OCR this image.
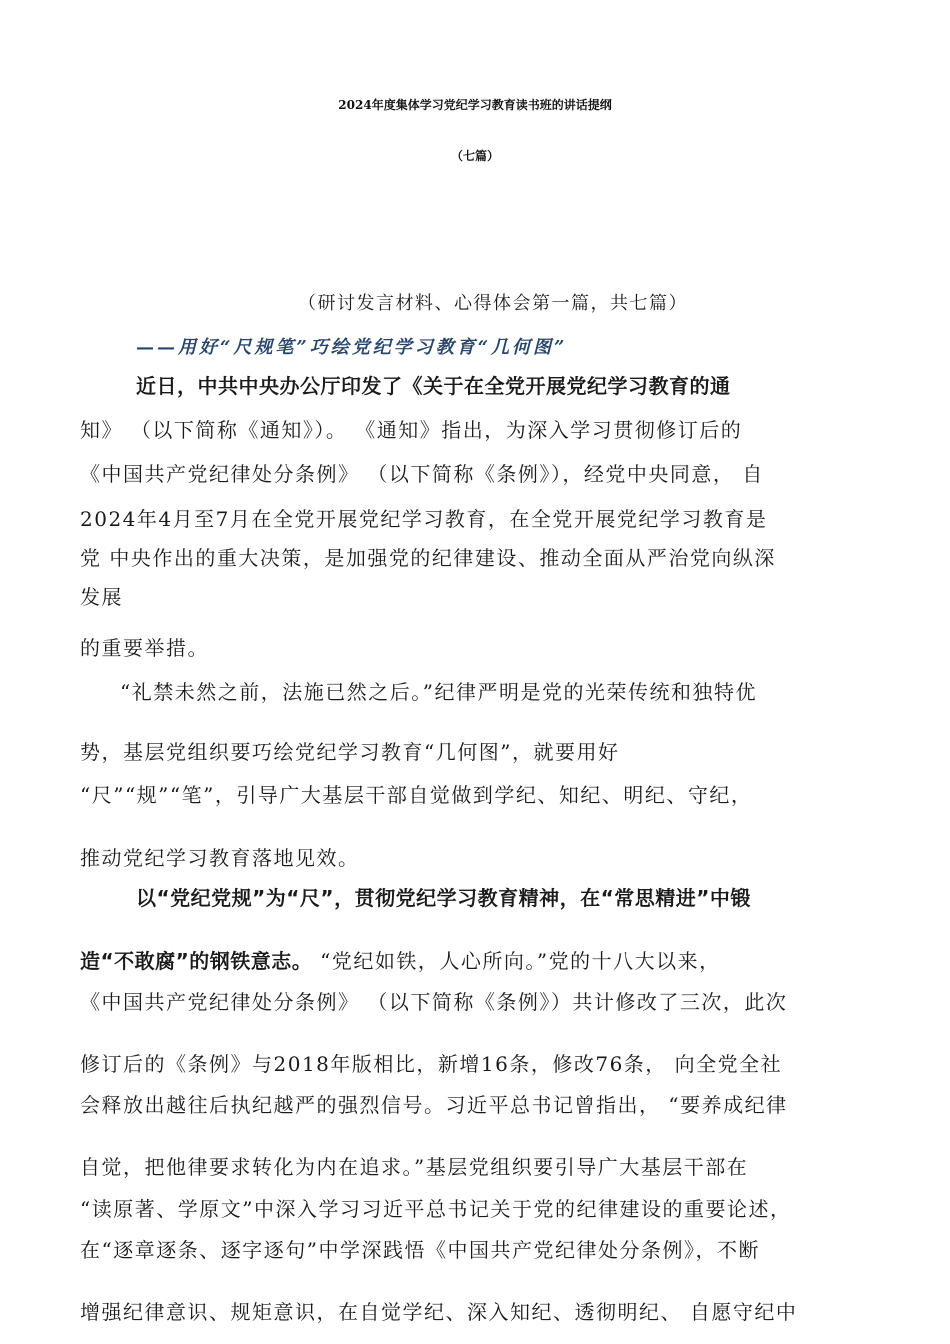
2024年度集体学习党纪学习教育读书班的讲话提纲
（七篇）
（研讨发言材料、心得体会第一篇，共七篇）
——用好“尺规笔”巧绘党纪学习教育“几何图”
近日，中共中央办公厅印发了《关于在全党开展党纪学习教育的通
知》 （以下简称《通知》）。 《通知》指出，为深入学习贯彻修订后的
《中国共产党纪律处分条例》 （以下简称《条例》），经党中央同意， 自
2024年4月至7月在全党开展党纪学习教育，在全党开展党纪学习教育是
党 中央作出的重大决策，是加强党的纪律建设、推动全面从严治党向纵深
发展
的重要举措。
“礼禁未然之前，法施已然之后。”纪律严明是党的光荣传统和独特优
势，基层党组织要巧绘党纪学习教育“几何图”，就要用好
“尺”“规”“笔”，引导广大基层干部自觉做到学纪、知纪、明纪、守纪，
推动党纪学习教育落地见效。
以“党纪党规”为“尺”，贯彻党纪学习教育精神，在“常思精进”中锻
造“不敢腐”的钢铁意志。 “党纪如铁，人心所向。”党的十八大以来，
《中国共产党纪律处分条例》 （以下简称《条例》）共计修改了三次，此次
修订后的《条例》与2018年版相比，新增16条，修改76条， 向全党全社
会释放出越往后执纪越严的强烈信号。习近平总书记曾指出， “要养成纪律
自觉，把他律要求转化为内在追求。”基层党组织要引导广大基层干部在
“读原著、学原文”中深入学习习近平总书记关于党的纪律建设的重要论述，
在“逐章逐条、逐字逐句”中学深践悟《中国共产党纪律处分条例》，不断
增强纪律意识、规矩意识，在自觉学纪、深入知纪、透彻明纪、 自愿守纪中
